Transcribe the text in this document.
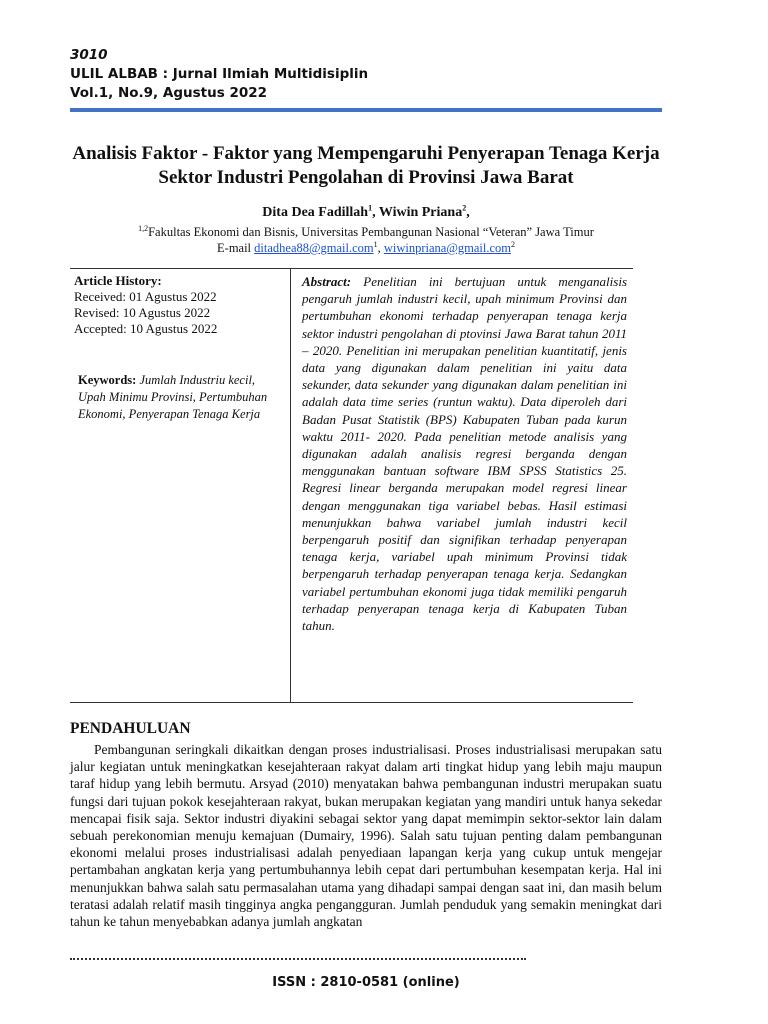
3010
ULIL ALBAB : Jurnal Ilmiah Multidisiplin
Vol.1, No.9, Agustus 2022
Analisis Faktor - Faktor yang Mempengaruhi Penyerapan Tenaga Kerja Sektor Industri Pengolahan di Provinsi Jawa Barat
Dita Dea Fadillah$^1$, Wiwin Priana$^2$,
$^{1,2}$Fakultas Ekonomi dan Bisnis, Universitas Pembangunan Nasional “Veteran” Jawa Timur
E-mail ditadhea88@gmail.com$^1$, wiwinpriana@gmail.com$^2$
Article History:
Received: 01 Agustus 2022
Revised: 10 Agustus 2022
Accepted: 10 Agustus 2022
Keywords: Jumlah Industriu kecil, Upah Minimu Provinsi, Pertumbuhan Ekonomi, Penyerapan Tenaga Kerja
Abstract: Penelitian ini bertujuan untuk menganalisis pengaruh jumlah industri kecil, upah minimum Provinsi dan pertumbuhan ekonomi terhadap penyerapan tenaga kerja sektor industri pengolahan di ptovinsi Jawa Barat tahun 2011 – 2020. Penelitian ini merupakan penelitian kuantitatif, jenis data yang digunakan dalam penelitian ini yaitu data sekunder, data sekunder yang digunakan dalam penelitian ini adalah data time series (runtun waktu). Data diperoleh dari Badan Pusat Statistik (BPS) Kabupaten Tuban pada kurun waktu 2011- 2020. Pada penelitian metode analisis yang digunakan adalah analisis regresi berganda dengan menggunakan bantuan software IBM SPSS Statistics 25. Regresi linear berganda merupakan model regresi linear dengan menggunakan tiga variabel bebas. Hasil estimasi menunjukkan bahwa variabel jumlah industri kecil berpengaruh positif dan signifikan terhadap penyerapan tenaga kerja, variabel upah minimum Provinsi tidak berpengaruh terhadap penyerapan tenaga kerja. Sedangkan variabel pertumbuhan ekonomi juga tidak memiliki pengaruh terhadap penyerapan tenaga kerja di Kabupaten Tuban tahun.
PENDAHULUAN

Pembangunan seringkali dikaitkan dengan proses industrialisasi. Proses industrialisasi merupakan satu jalur kegiatan untuk meningkatkan kesejahteraan rakyat dalam arti tingkat hidup yang lebih maju maupun taraf hidup yang lebih bermutu. Arsyad (2010) menyatakan bahwa pembangunan industri merupakan suatu fungsi dari tujuan pokok kesejahteraan rakyat, bukan merupakan kegiatan yang mandiri untuk hanya sekedar mencapai fisik saja. Sektor industri diyakini sebagai sektor yang dapat memimpin sektor-sektor lain dalam sebuah perekonomian menuju kemajuan (Dumairy, 1996). Salah satu tujuan penting dalam pembangunan ekonomi melalui proses industrialisasi adalah penyediaan lapangan kerja yang cukup untuk mengejar pertambahan angkatan kerja yang pertumbuhannya lebih cepat dari pertumbuhan kesempatan kerja. Hal ini menunjukkan bahwa salah satu permasalahan utama yang dihadapi sampai dengan saat ini, dan masih belum teratasi adalah relatif masih tingginya angka pengangguran. Jumlah penduduk yang semakin meningkat dari tahun ke tahun menyebabkan adanya jumlah angkatan

ISSN : 2810-0581 (online)
